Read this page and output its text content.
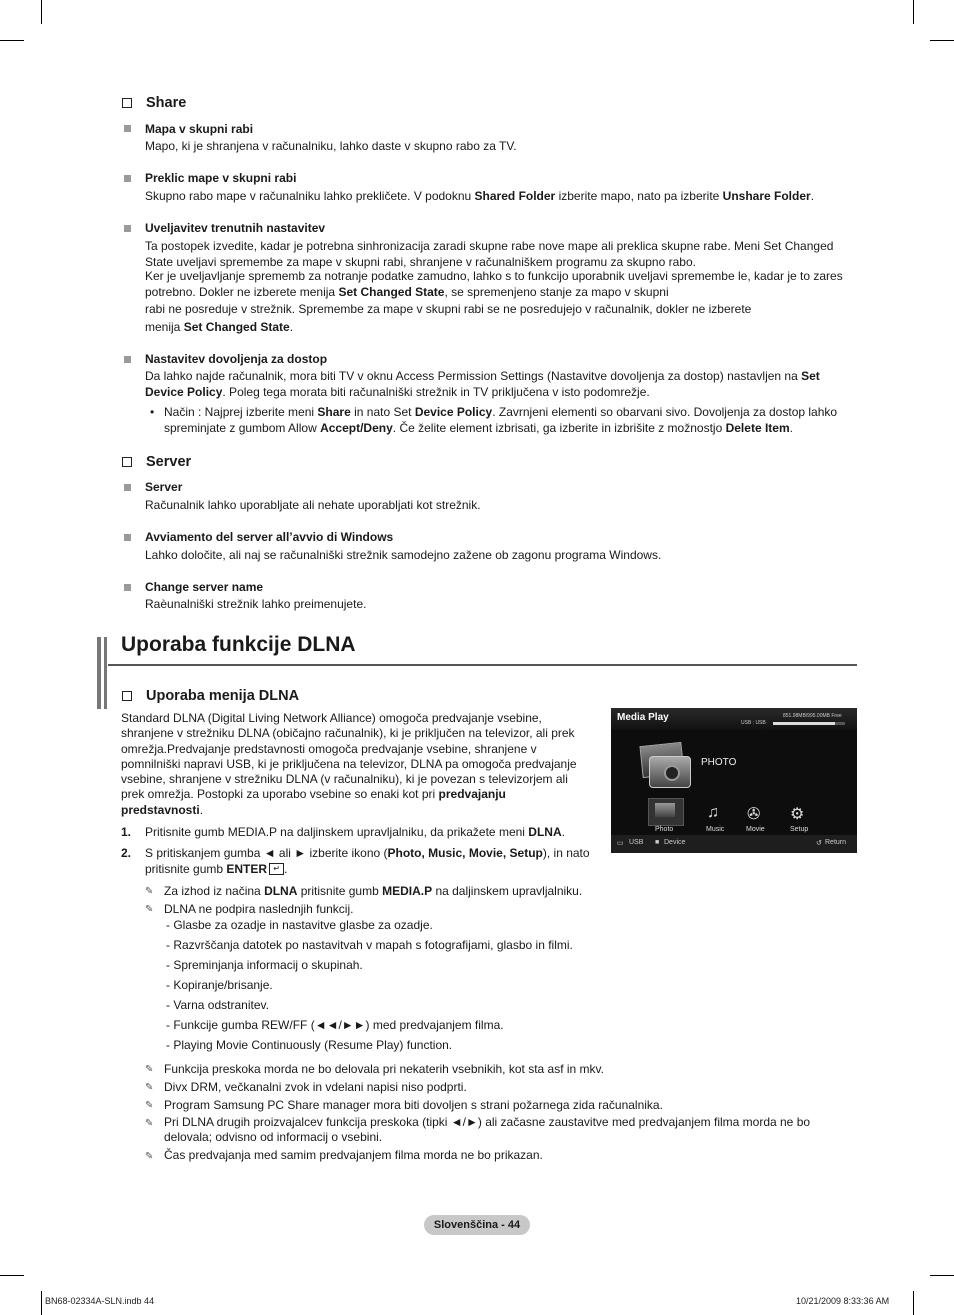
Share
Mapa v skupni rabi
Mapo, ki je shranjena v računalniku, lahko daste v skupno rabo za TV.
Preklic mape v skupni rabi
Skupno rabo mape v računalniku lahko prekličete. V podoknu Shared Folder izberite mapo, nato pa izberite Unshare Folder.
Uveljavitev trenutnih nastavitev
Ta postopek izvedite, kadar je potrebna sinhronizacija zaradi skupne rabe nove mape ali preklica skupne rabe. Meni Set Changed State uveljavi spremembe za mape v skupni rabi, shranjene v računalniškem programu za skupno rabo.
Ker je uveljavljanje sprememb za notranje podatke zamudno, lahko s to funkcijo uporabnik uveljavi spremembe le, kadar je to zares potrebno. Dokler ne izberete menija Set Changed State, se spremenjeno stanje za mapo v skupni
rabi ne posreduje v strežnik. Spremembe za mape v skupni rabi se ne posredujejo v računalnik, dokler ne izberete
menija Set Changed State.
Nastavitev dovoljenja za dostop
Da lahko najde računalnik, mora biti TV v oknu Access Permission Settings (Nastavitve dovoljenja za dostop) nastavljen na Set Device Policy. Poleg tega morata biti računalniški strežnik in TV priključena v isto podomrežje.
• Način : Najprej izberite meni Share in nato Set Device Policy. Zavrnjeni elementi so obarvani sivo. Dovoljenja za dostop lahko spreminjate z gumbom Allow Accept/Deny. Če želite element izbrisati, ga izberite in izbrišite z možnostjo Delete Item.
Server
Server
Računalnik lahko uporabljate ali nehate uporabljati kot strežnik.
Avviamento del server all’avvio di Windows
Lahko določite, ali naj se računalniški strežnik samodejno zažene ob zagonu programa Windows.
Change server name
Raèunalniški strežnik lahko preimenujete.
Uporaba funkcije DLNA
Uporaba menija DLNA
Standard DLNA (Digital Living Network Alliance) omogoča predvajanje vsebine, shranjene v strežniku DLNA (običajno računalnik), ki je priključen na televizor, ali prek omrežja.Predvajanje predstavnosti omogoča predvajanje vsebine, shranjene v pomnilniški napravi USB, ki je priključena na televizor, DLNA pa omogoča predvajanje vsebine, shranjene v strežniku DLNA (v računalniku), ki je povezan s televizorjem ali prek omrežja. Postopki za uporabo vsebine so enaki kot pri predvajanju predstavnosti.
1. Pritisnite gumb MEDIA.P na daljinskem upravljalniku, da prikažete meni DLNA.
2. S pritiskanjem gumba ◄ ali ► izberite ikono (Photo, Music, Movie, Setup), in nato pritisnite gumb ENTER ↵ .
✎ Za izhod iz načina DLNA pritisnite gumb MEDIA.P na daljinskem upravljalniku.
✎ DLNA ne podpira naslednjih funkcij.
- Glasbe za ozadje in nastavitve glasbe za ozadje.
- Razvrščanja datotek po nastavitvah v mapah s fotografijami, glasbo in filmi.
- Spreminjanja informacij o skupinah.
- Kopiranje/brisanje.
- Varna odstranitev.
- Funkcije gumba REW/FF (◄◄/►►) med predvajanjem filma.
- Playing Movie Continuously (Resume Play) function.
✎ Funkcija preskoka morda ne bo delovala pri nekaterih vsebnikih, kot sta asf in mkv.
✎ Divx DRM, večkanalni zvok in vdelani napisi niso podprti.
✎ Program Samsung PC Share manager mora biti dovoljen s strani požarnega zida računalnika.
✎ Pri DLNA drugih proizvajalcev funkcija preskoka (tipki ◄/►) ali začasne zaustavitve med predvajanjem filma morda ne bo delovala; odvisno od informacij o vsebini.
✎ Čas predvajanja med samim predvajanjem filma morda ne bo prikazan.
Media Play	851.98MB/995.00MB Free
USB : USB
PHOTO
♫ ✇ ⚙
Photo	Music	Movie	Setup
▭ USB ■ Device	↺ Return
Slovenščina - 44
BN68-02334A-SLN.indb 44	10/21/2009 8:33:36 AM
